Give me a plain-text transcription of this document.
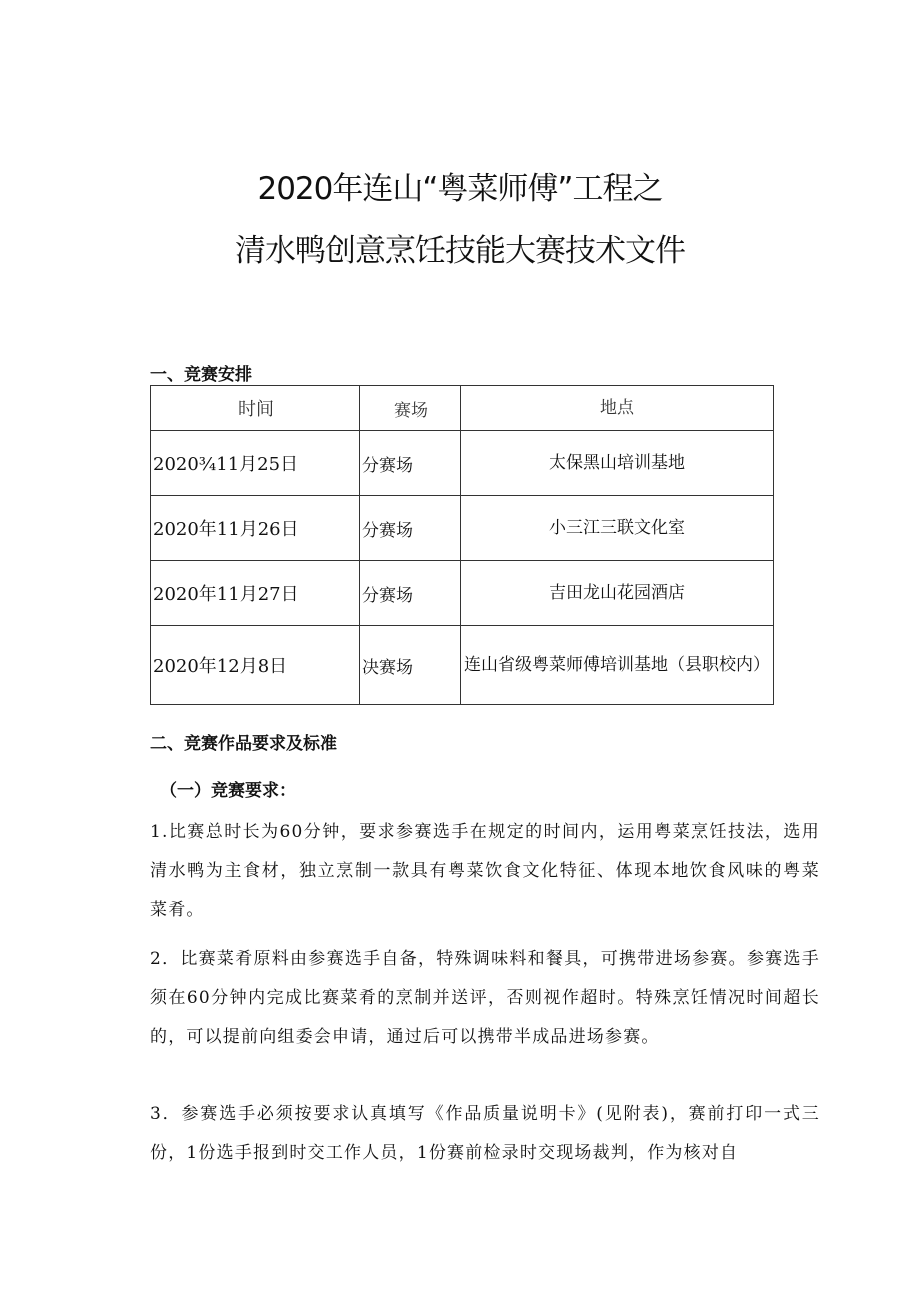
2020年连山“粤菜师傅”工程之
清水鸭创意烹饪技能大赛技术文件
一、竞赛安排
时间	赛场	地点
2020¾11月25日	分赛场	太保黑山培训基地
2020年11月26日	分赛场	小三江三联文化室
2020年11月27日	分赛场	吉田龙山花园酒店
2020年12月8日	决赛场	连山省级粤菜师傅培训基地（县职校内）
二、竞赛作品要求及标准
（一）竞赛要求：

1.比赛总时长为60分钟，要求参赛选手在规定的时间内，运用粤菜烹饪技法，选用清水鸭为主食材，独立烹制一款具有粤菜饮食文化特征、体现本地饮食风味的粤菜菜肴。

2．比赛菜肴原料由参赛选手自备，特殊调味料和餐具，可携带进场参赛。参赛选手须在60分钟内完成比赛菜肴的烹制并送评，否则视作超时。特殊烹饪情况时间超长的，可以提前向组委会申请，通过后可以携带半成品进场参赛。

3．参赛选手必须按要求认真填写《作品质量说明卡》(见附表)，赛前打印一式三份，1份选手报到时交工作人员，1份赛前检录时交现场裁判，作为核对自
